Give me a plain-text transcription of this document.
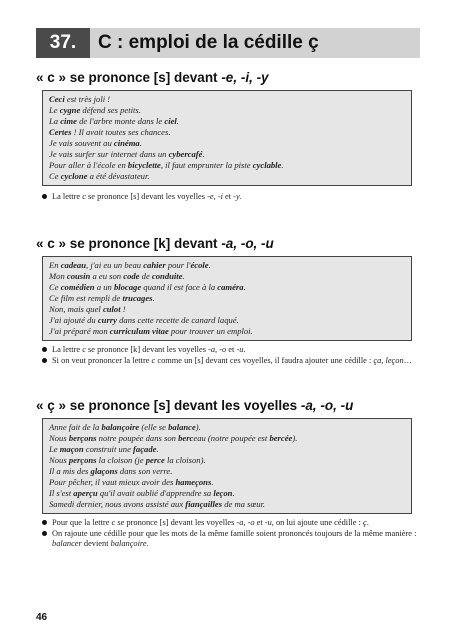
37.	C : emploi de la cédille ç
« c » se prononce [s] devant -e, -i, -y
Ceci est très joli !
Le cygne défend ses petits.
La cime de l'arbre monte dans le ciel.
Certes ! Il avait toutes ses chances.
Je vais souvent au cinéma.
Je vais surfer sur internet dans un cybercafé.
Pour aller à l'école en bicyclette, il faut emprunter la piste cyclable.
Ce cyclone a été dévastateur.
La lettre c se prononce [s] devant les voyelles -e, -i et -y.
« c » se prononce [k] devant -a, -o, -u
En cadeau, j'ai eu un beau cahier pour l'école.
Mon cousin a eu son code de conduite.
Ce comédien a un blocage quand il est face à la caméra.
Ce film est rempli de trucages.
Non, mais quel culot !
J'ai ajouté du curry dans cette recette de canard laqué.
J'ai préparé mon curriculum vitae pour trouver un emploi.
La lettre c se prononce [k] devant les voyelles -a, -o et -u.
Si on veut prononcer la lettre c comme un [s] devant ces voyelles, il faudra ajouter une cédille : ça, leçon…
« ç » se prononce [s] devant les voyelles -a, -o, -u
Anne fait de la balançoire (elle se balance).
Nous berçons notre poupée dans son berceau (notre poupée est bercée).
Le maçon construit une façade.
Nous perçons la cloison (je perce la cloison).
Il a mis des glaçons dans son verre.
Pour pêcher, il vaut mieux avoir des hameçons.
Il s'est aperçu qu'il avait oublié d'apprendre sa leçon.
Samedi dernier, nous avons assisté aux fiançailles de ma sœur.
Pour que la lettre c se prononce [s] devant les voyelles -a, -o et -u, on lui ajoute une cédille : ç.
On rajoute une cédille pour que les mots de la même famille soient prononcés toujours de la même manière : balancer devient balançoire.
46
